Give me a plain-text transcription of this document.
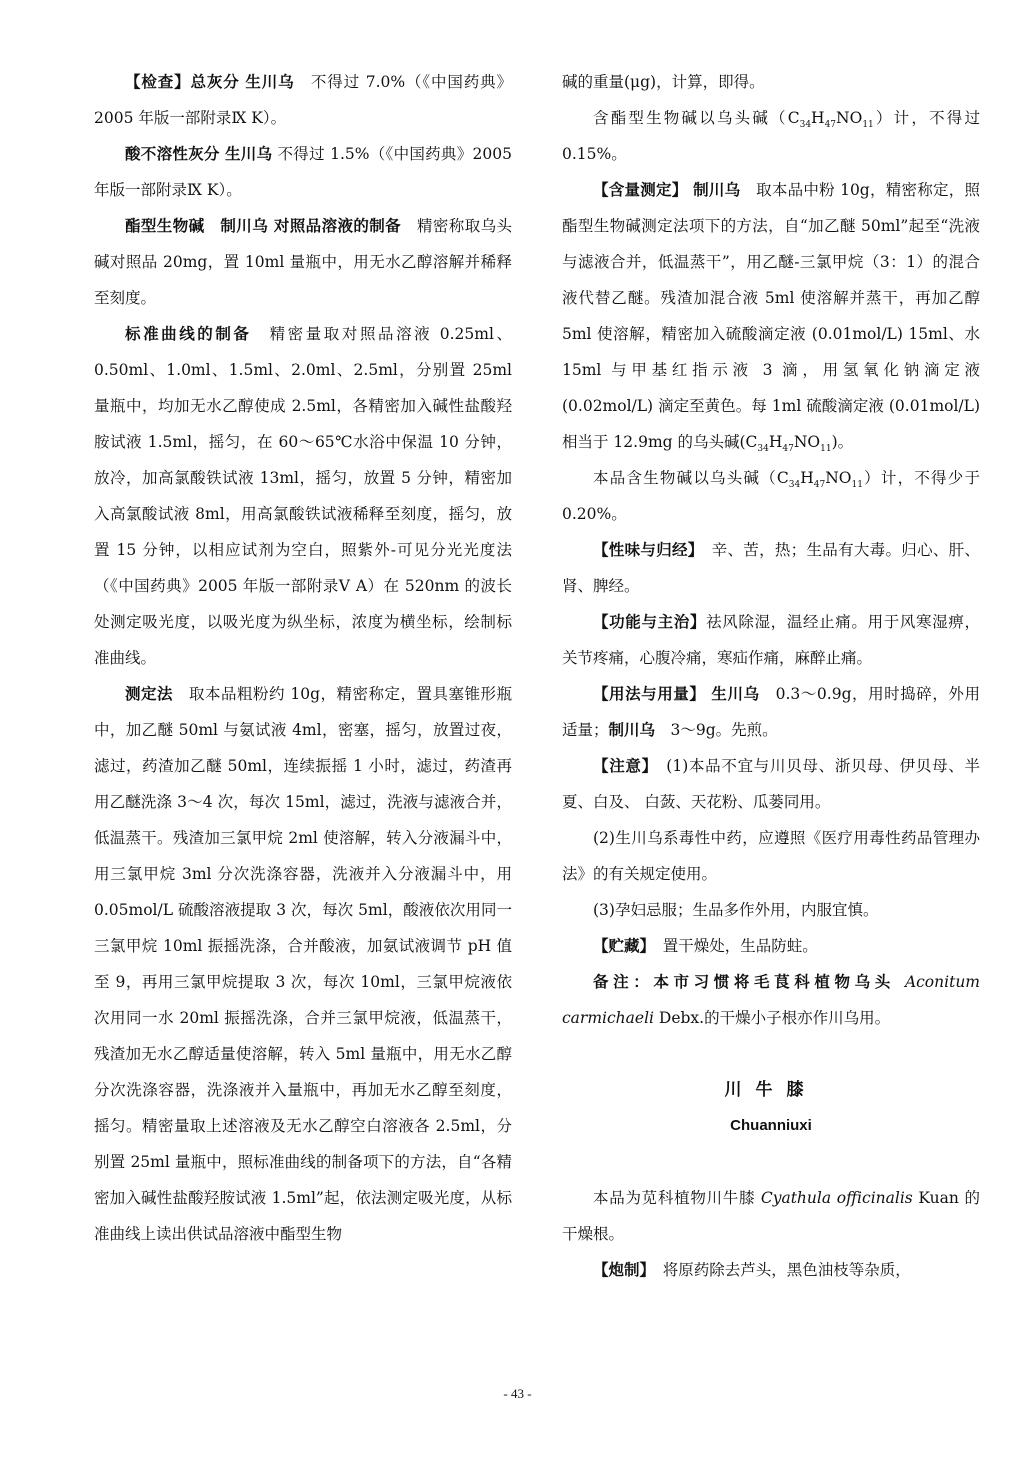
【检查】总灰分 生川乌　不得过 7.0%（《中国药典》2005 年版一部附录Ⅸ K）。

酸不溶性灰分 生川乌 不得过 1.5%（《中国药典》2005 年版一部附录Ⅸ K）。

酯型生物碱　制川乌 对照品溶液的制备　精密称取乌头碱对照品 20mg，置 10ml 量瓶中，用无水乙醇溶解并稀释至刻度。

标准曲线的制备　精密量取对照品溶液 0.25ml、0.50ml、1.0ml、1.5ml、2.0ml、2.5ml，分别置 25ml 量瓶中，均加无水乙醇使成 2.5ml，各精密加入碱性盐酸羟胺试液 1.5ml，摇匀，在 60～65℃水浴中保温 10 分钟，放冷，加高氯酸铁试液 13ml，摇匀，放置 5 分钟，精密加入高氯酸试液 8ml，用高氯酸铁试液稀释至刻度，摇匀，放置 15 分钟，以相应试剂为空白，照紫外-可见分光光度法（《中国药典》2005 年版一部附录Ⅴ A）在 520nm 的波长处测定吸光度，以吸光度为纵坐标，浓度为横坐标，绘制标准曲线。

测定法　取本品粗粉约 10g，精密称定，置具塞锥形瓶中，加乙醚 50ml 与氨试液 4ml，密塞，摇匀，放置过夜，滤过，药渣加乙醚 50ml，连续振摇 1 小时，滤过，药渣再用乙醚洗涤 3～4 次，每次 15ml，滤过，洗液与滤液合并，低温蒸干。残渣加三氯甲烷 2ml 使溶解，转入分液漏斗中，用三氯甲烷 3ml 分次洗涤容器，洗液并入分液漏斗中，用 0.05mol/L 硫酸溶液提取 3 次，每次 5ml，酸液依次用同一三氯甲烷 10ml 振摇洗涤，合并酸液，加氨试液调节 pH 值至 9，再用三氯甲烷提取 3 次，每次 10ml，三氯甲烷液依次用同一水 20ml 振摇洗涤，合并三氯甲烷液，低温蒸干，残渣加无水乙醇适量使溶解，转入 5ml 量瓶中，用无水乙醇分次洗涤容器，洗涤液并入量瓶中，再加无水乙醇至刻度，摇匀。精密量取上述溶液及无水乙醇空白溶液各 2.5ml，分别置 25ml 量瓶中，照标准曲线的制备项下的方法，自“各精密加入碱性盐酸羟胺试液 1.5ml”起，依法测定吸光度，从标准曲线上读出供试品溶液中酯型生物

碱的重量(μg)，计算，即得。

含酯型生物碱以乌头碱$(C_{34}H_{47}NO_{11})$计，不得过 0.15%。

【含量测定】 制川乌　取本品中粉 10g，精密称定，照酯型生物碱测定法项下的方法，自“加乙醚 50ml”起至“洗液与滤液合并，低温蒸干”，用乙醚-三氯甲烷（3：1）的混合液代替乙醚。残渣加混合液 5ml 使溶解并蒸干，再加乙醇 5ml 使溶解，精密加入硫酸滴定液 (0.01mol/L) 15ml、水 15ml 与甲基红指示液 3 滴，用氢氧化钠滴定液 (0.02mol/L) 滴定至黄色。每 1ml 硫酸滴定液 (0.01mol/L) 相当于 12.9mg 的乌头碱$(C_{34}H_{47}NO_{11})$。

本品含生物碱以乌头碱$(C_{34}H_{47}NO_{11})$计，不得少于 0.20%。

【性味与归经】　辛、苦，热；生品有大毒。归心、肝、肾、脾经。

【功能与主治】祛风除湿，温经止痛。用于风寒湿痹，关节疼痛，心腹冷痛，寒疝作痛，麻醉止痛。

【用法与用量】 生川乌　0.3～0.9g，用时捣碎，外用适量；制川乌　3～9g。先煎。

【注意】　(1)本品不宜与川贝母、浙贝母、伊贝母、半夏、白及、 白蔹、天花粉、瓜蒌同用。

(2)生川乌系毒性中药，应遵照《医疗用毒性药品管理办法》的有关规定使用。

(3)孕妇忌服；生品多作外用，内服宜慎。

【贮藏】　置干燥处，生品防蛀。

备注：本市习惯将毛茛科植物乌头 Aconitum carmichaeli Debx.的干燥小子根亦作川乌用。

川牛膝
Chuanniuxi

本品为苋科植物川牛膝 Cyathula officinalis Kuan 的干燥根。

【炮制】　将原药除去芦头，黑色油枝等杂质，

- 43 -
